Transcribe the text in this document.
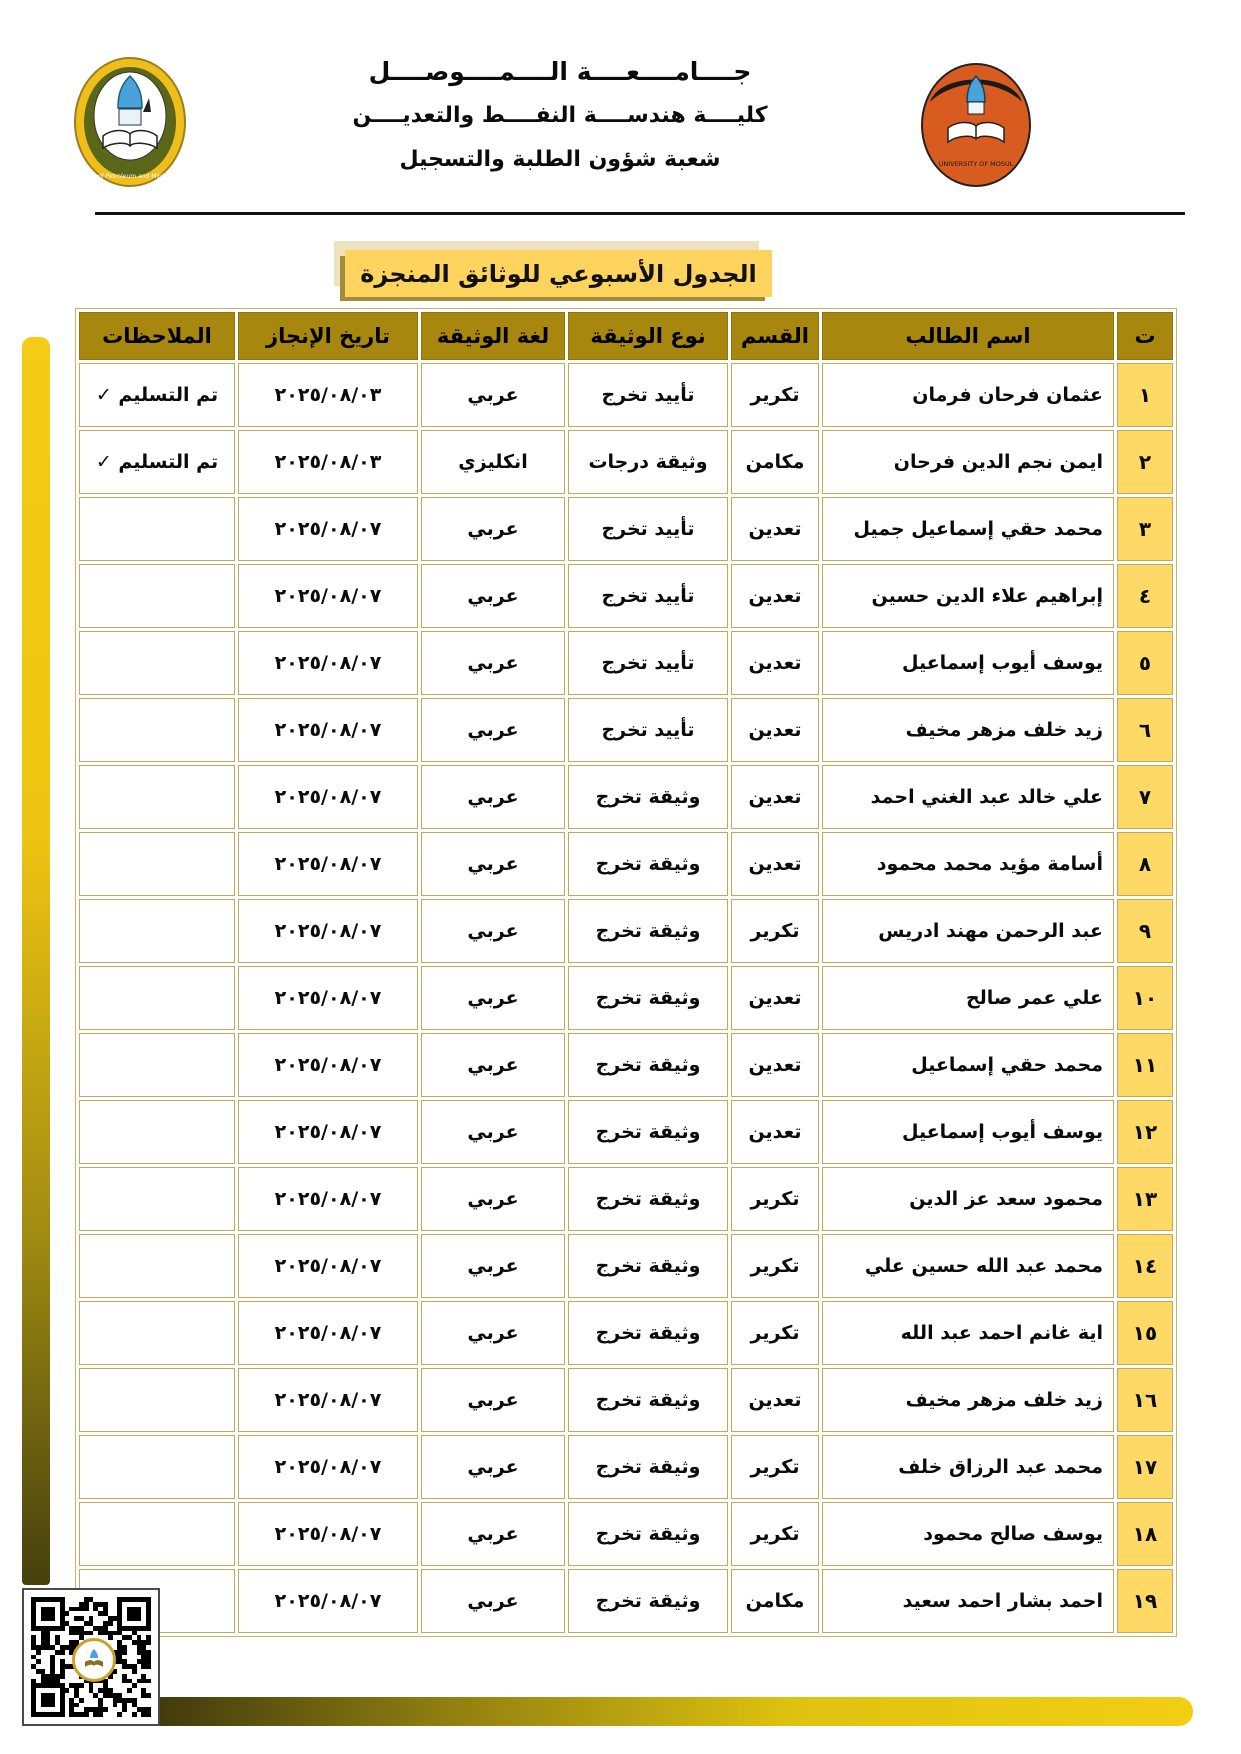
College of Petroleum and Mining Eng.
جــــامــــعــــة الــــمــــوصــــل
كليــــة هندســــة النفــــط والتعديــــن
شعبة شؤون الطلبة والتسجيل	UNIVERSITY OF MOSUL
الجدول الأسبوعي للوثائق المنجزة
ت	اسم الطالب	القسم	نوع الوثيقة	لغة الوثيقة	تاريخ الإنجاز	الملاحظات
١	عثمان فرحان فرمان	تكرير	تأييد تخرج	عربي	٢٠٢٥/٠٨/٠٣	تم التسليم ✓
٢	ايمن نجم الدين فرحان	مكامن	وثيقة درجات	انكليزي	٢٠٢٥/٠٨/٠٣	تم التسليم ✓
٣	محمد حقي إسماعيل جميل	تعدين	تأييد تخرج	عربي	٢٠٢٥/٠٨/٠٧	
٤	إبراهيم علاء الدين حسين	تعدين	تأييد تخرج	عربي	٢٠٢٥/٠٨/٠٧	
٥	يوسف أيوب إسماعيل	تعدين	تأييد تخرج	عربي	٢٠٢٥/٠٨/٠٧	
٦	زيد خلف مزهر مخيف	تعدين	تأييد تخرج	عربي	٢٠٢٥/٠٨/٠٧	
٧	علي خالد عبد الغني احمد	تعدين	وثيقة تخرج	عربي	٢٠٢٥/٠٨/٠٧	
٨	أسامة مؤيد محمد محمود	تعدين	وثيقة تخرج	عربي	٢٠٢٥/٠٨/٠٧	
٩	عبد الرحمن مهند ادريس	تكرير	وثيقة تخرج	عربي	٢٠٢٥/٠٨/٠٧	
١٠	علي عمر صالح	تعدين	وثيقة تخرج	عربي	٢٠٢٥/٠٨/٠٧	
١١	محمد حقي إسماعيل	تعدين	وثيقة تخرج	عربي	٢٠٢٥/٠٨/٠٧	
١٢	يوسف أيوب إسماعيل	تعدين	وثيقة تخرج	عربي	٢٠٢٥/٠٨/٠٧	
١٣	محمود سعد عز الدين	تكرير	وثيقة تخرج	عربي	٢٠٢٥/٠٨/٠٧	
١٤	محمد عبد الله حسين علي	تكرير	وثيقة تخرج	عربي	٢٠٢٥/٠٨/٠٧	
١٥	اية غانم احمد عبد الله	تكرير	وثيقة تخرج	عربي	٢٠٢٥/٠٨/٠٧	
١٦	زيد خلف مزهر مخيف	تعدين	وثيقة تخرج	عربي	٢٠٢٥/٠٨/٠٧	
١٧	محمد عبد الرزاق خلف	تكرير	وثيقة تخرج	عربي	٢٠٢٥/٠٨/٠٧	
١٨	يوسف صالح محمود	تكرير	وثيقة تخرج	عربي	٢٠٢٥/٠٨/٠٧	
١٩	احمد بشار احمد سعيد	مكامن	وثيقة تخرج	عربي	٢٠٢٥/٠٨/٠٧	
